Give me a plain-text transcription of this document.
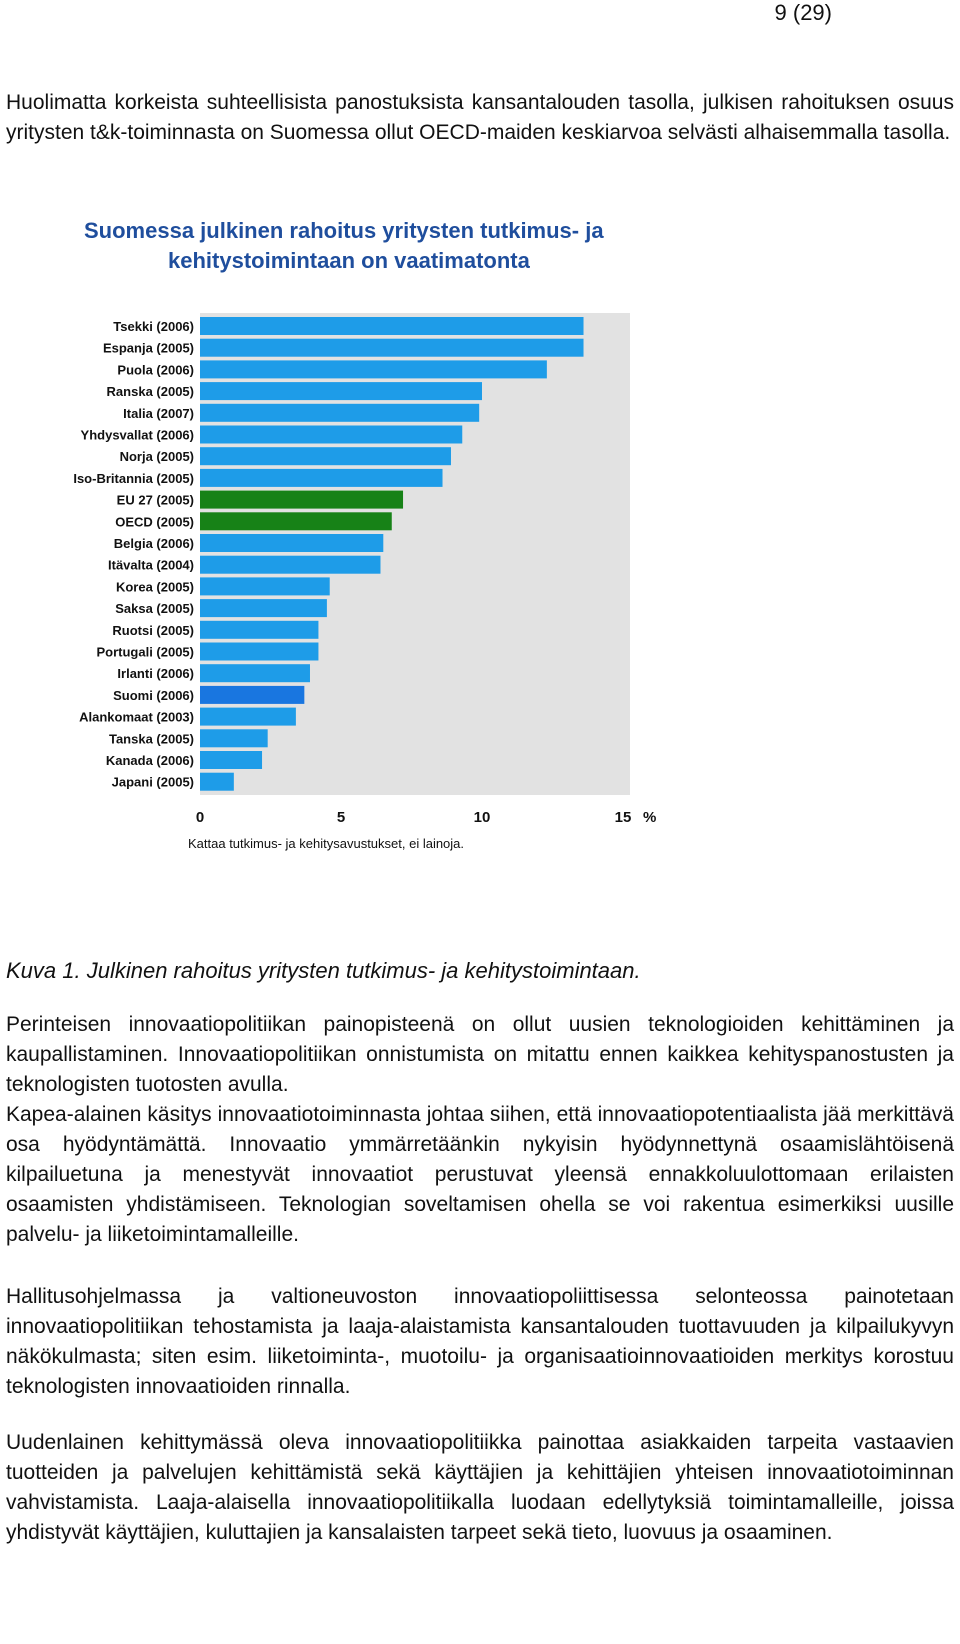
9 (29)

Huolimatta korkeista suhteellisista panostuksista kansantalouden tasolla, julkisen rahoituksen osuus yritysten t&k-toiminnasta on Suomessa ollut OECD-maiden keskiarvoa selvästi alhaisemmalla tasolla.

Suomessa julkinen rahoitus yritysten tutkimus- ja
kehitystoimintaan on vaatimatonta
Tsekki (2006)
Espanja (2005)
Puola (2006)
Ranska (2005)
Italia (2007)
Yhdysvallat (2006)
Norja (2005)
Iso-Britannia (2005)
EU 27 (2005)
OECD (2005)
Belgia (2006)
Itävalta (2004)
Korea (2005)
Saksa (2005)
Ruotsi (2005)
Portugali (2005)
Irlanti (2006)
Suomi (2006)
Alankomaat (2003)
Tanska (2005)
Kanada (2006)
Japani (2005)
0	5	10	15 %
Kattaa tutkimus- ja kehitysavustukset, ei lainoja.

Kuva 1. Julkinen rahoitus yritysten tutkimus- ja kehitystoimintaan.

Perinteisen innovaatiopolitiikan painopisteenä on ollut uusien teknologioiden kehittäminen ja kaupallistaminen. Innovaatiopolitiikan onnistumista on mitattu ennen kaikkea kehityspanostusten ja teknologisten tuotosten avulla.

Kapea-alainen käsitys innovaatiotoiminnasta johtaa siihen, että innovaatiopotentiaalista jää merkittävä osa hyödyntämättä. Innovaatio ymmärretäänkin nykyisin hyödynnettynä osaamislähtöisenä kilpailuetuna ja menestyvät innovaatiot perustuvat yleensä ennakkoluulottomaan erilaisten osaamisten yhdistämiseen. Teknologian soveltamisen ohella se voi rakentua esimerkiksi uusille palvelu- ja liiketoimintamalleille.

Hallitusohjelmassa ja valtioneuvoston innovaatiopoliittisessa selonteossa painotetaan innovaatiopolitiikan tehostamista ja laaja-alaistamista kansantalouden tuottavuuden ja kilpailukyvyn näkökulmasta; siten esim. liiketoiminta-, muotoilu- ja organisaatioinnovaatioiden merkitys korostuu teknologisten innovaatioiden rinnalla.

Uudenlainen kehittymässä oleva innovaatiopolitiikka painottaa asiakkaiden tarpeita vastaavien tuotteiden ja palvelujen kehittämistä sekä käyttäjien ja kehittäjien yhteisen innovaatiotoiminnan vahvistamista. Laaja-alaisella innovaatiopolitiikalla luodaan edellytyksiä toimintamalleille, joissa yhdistyvät käyttäjien, kuluttajien ja kansalaisten tarpeet sekä tieto, luovuus ja osaaminen.
